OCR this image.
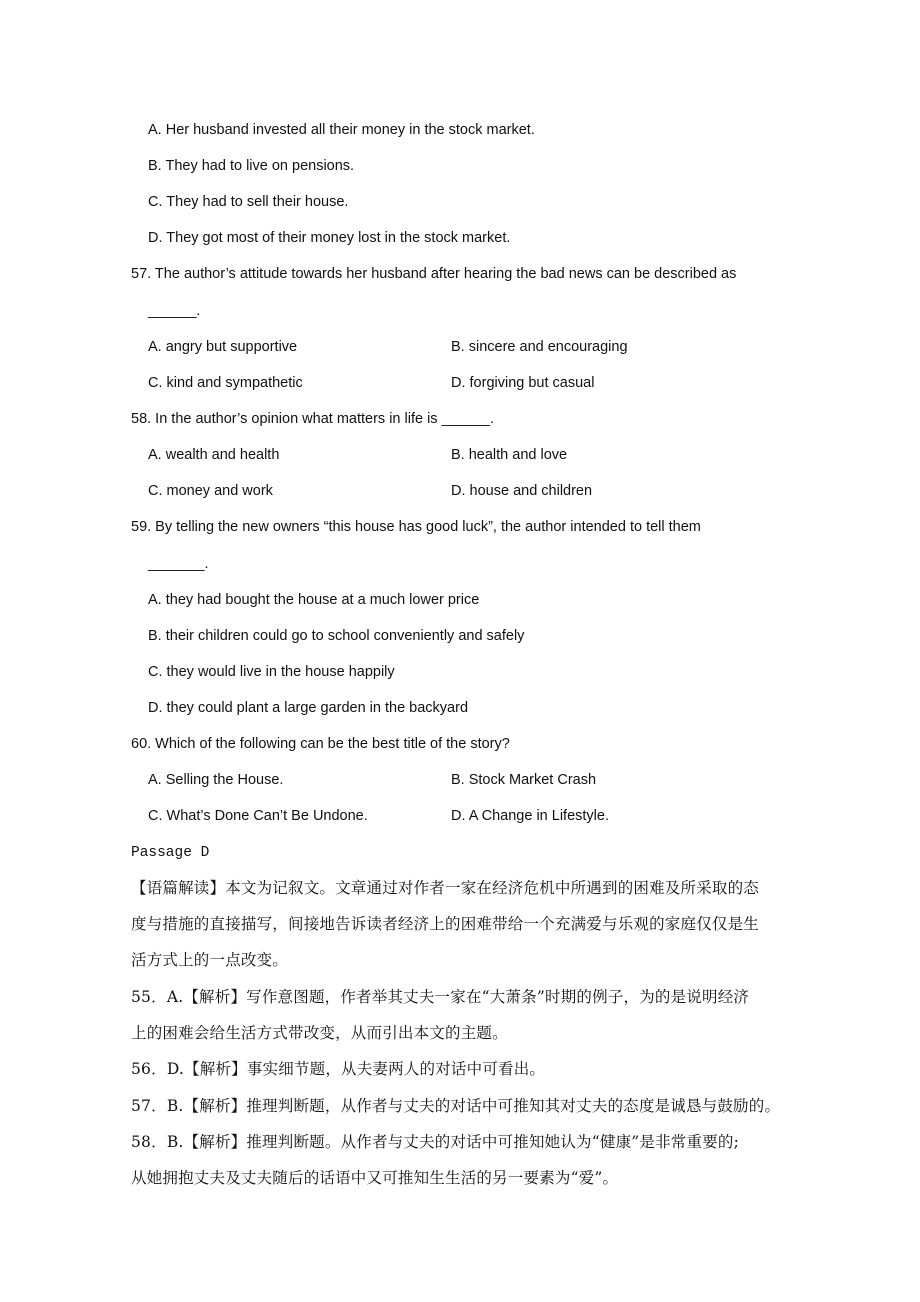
A. Her husband invested all their money in the stock market.
B. They had to live on pensions.
C. They had to sell their house.
D. They got most of their money lost in the stock market.
57. The author’s attitude towards her husband after hearing the bad news can be described as
______.
A. angry but supportive	B. sincere and encouraging
C. kind and sympathetic	D. forgiving but casual
58. In the author’s opinion what matters in life is ______.
A. wealth and health	B. health and love
C. money and work	D. house and children
59. By telling the new owners “this house has good luck”, the author intended to tell them
_______.
A. they had bought the house at a much lower price
B. their children could go to school conveniently and safely
C. they would live in the house happily
D. they could plant a large garden in the backyard
60. Which of the following can be the best title of the story?
A. Selling the House.	B. Stock Market Crash
C. What’s Done Can’t Be Undone.	D. A Change in Lifestyle.
Passage D
【语篇解读】本文为记叙文。文章通过对作者一家在经济危机中所遇到的困难及所采取的态
度与措施的直接描写，间接地告诉读者经济上的困难带给一个充满爱与乐观的家庭仅仅是生
活方式上的一点改变。
55．A.【解析】写作意图题，作者举其丈夫一家在“大萧条”时期的例子，为的是说明经济
上的困难会给生活方式带改变，从而引出本文的主题。
56．D.【解析】事实细节题，从夫妻两人的对话中可看出。
57．B.【解析】推理判断题，从作者与丈夫的对话中可推知其对丈夫的态度是诚恳与鼓励的。
58．B.【解析】推理判断题。从作者与丈夫的对话中可推知她认为“健康”是非常重要的;
从她拥抱丈夫及丈夫随后的话语中又可推知生生活的另一要素为“爱”。
